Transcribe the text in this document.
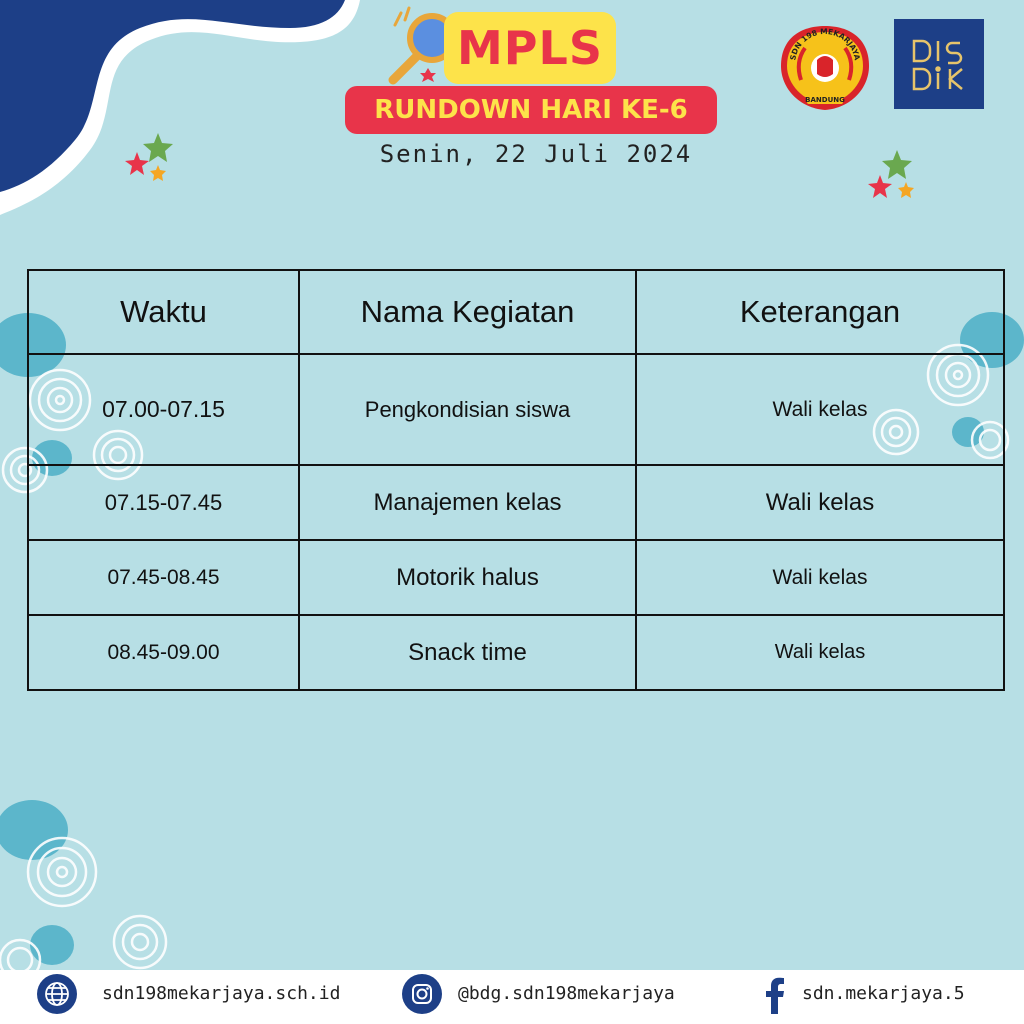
MPLS
RUNDOWN HARI KE-6
Senin, 22 Juli 2024
SDN 198 MEKARJAYA
BANDUNG
Waktu	Nama Kegiatan	Keterangan
07.00-07.15	Pengkondisian siswa	Wali kelas
07.15-07.45	Manajemen kelas	Wali kelas
07.45-08.45	Motorik halus	Wali kelas
08.45-09.00	Snack time	Wali kelas
sdn198mekarjaya.sch.id	@bdg.sdn198mekarjaya	sdn.mekarjaya.5
